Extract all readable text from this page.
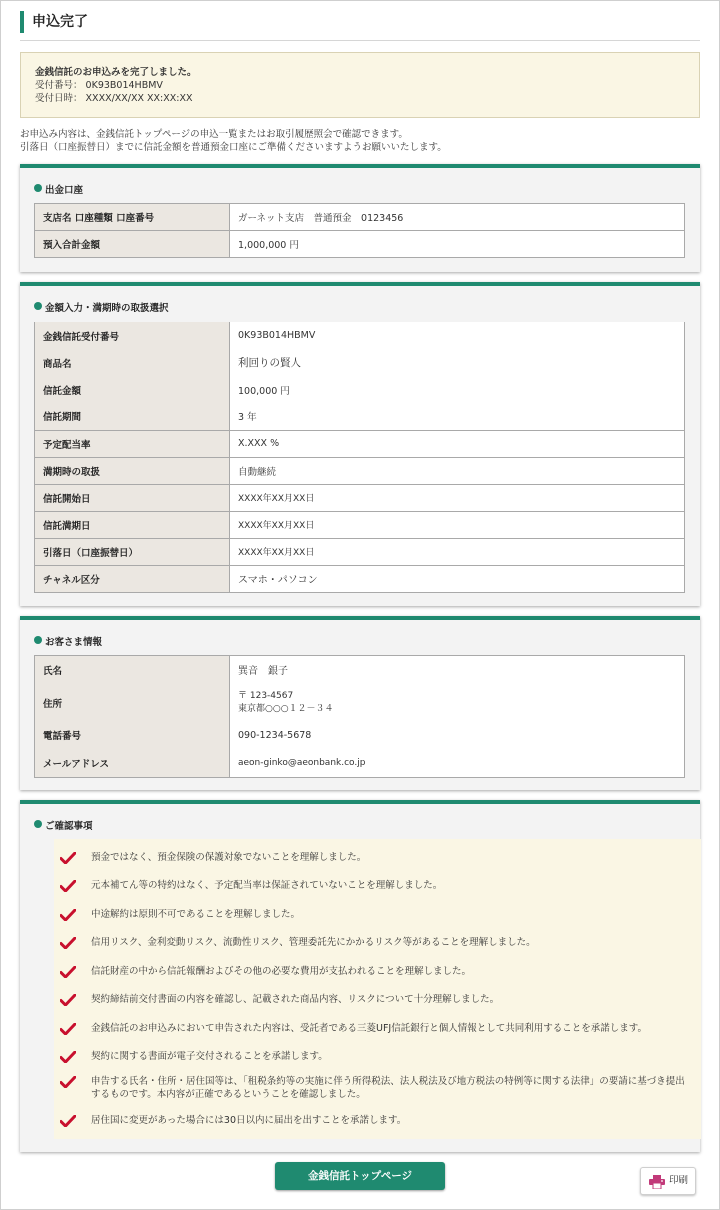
申込完了
金銭信託のお申込みを完了しました。
受付番号： 0K93B014HBMV
受付日時： XXXX/XX/XX XX:XX:XX
お申込み内容は、金銭信託トップページの申込一覧またはお取引履歴照会で確認できます。
引落日（口座振替日）までに信託金額を普通預金口座にご準備くださいますようお願いいたします。
出金口座
支店名 口座種類 口座番号	ガーネット支店　普通預金　0123456
預入合計金額	1,000,000 円
金額入力・満期時の取扱選択
金銭信託受付番号	0K93B014HBMV
商品名	利回りの賢人
信託金額	100,000 円
信託期間	3 年
予定配当率	X.XXX %
満期時の取扱	自動継続
信託開始日	XXXX年XX月XX日
信託満期日	XXXX年XX月XX日
引落日（口座振替日）	XXXX年XX月XX日
チャネル区分	スマホ・パソコン
お客さま情報
氏名	巽音　銀子
住所	〒 123-4567
東京都○○○１２－３４

電話番号	090-1234-5678
メールアドレス	aeon-ginko@aeonbank.co.jp
ご確認事項
預金ではなく、預金保険の保護対象でないことを理解しました。
元本補てん等の特約はなく、予定配当率は保証されていないことを理解しました。
中途解約は原則不可であることを理解しました。
信用リスク、金利変動リスク、流動性リスク、管理委託先にかかるリスク等があることを理解しました。
信託財産の中から信託報酬およびその他の必要な費用が支払われることを理解しました。
契約締結前交付書面の内容を確認し、記載された商品内容、リスクについて十分理解しました。
金銭信託のお申込みにおいて申告された内容は、受託者である三菱UFJ信託銀行と個人情報として共同利用することを承諾します。
契約に関する書面が電子交付されることを承諾します。
申告する氏名・住所・居住国等は、「租税条約等の実施に伴う所得税法、法人税法及び地方税法の特例等に関する法律」の要請に基づき提出するものです。本内容が正確であるということを確認しました。
居住国に変更があった場合には30日以内に届出を出すことを承諾します。
金銭信託トップページ	印刷
